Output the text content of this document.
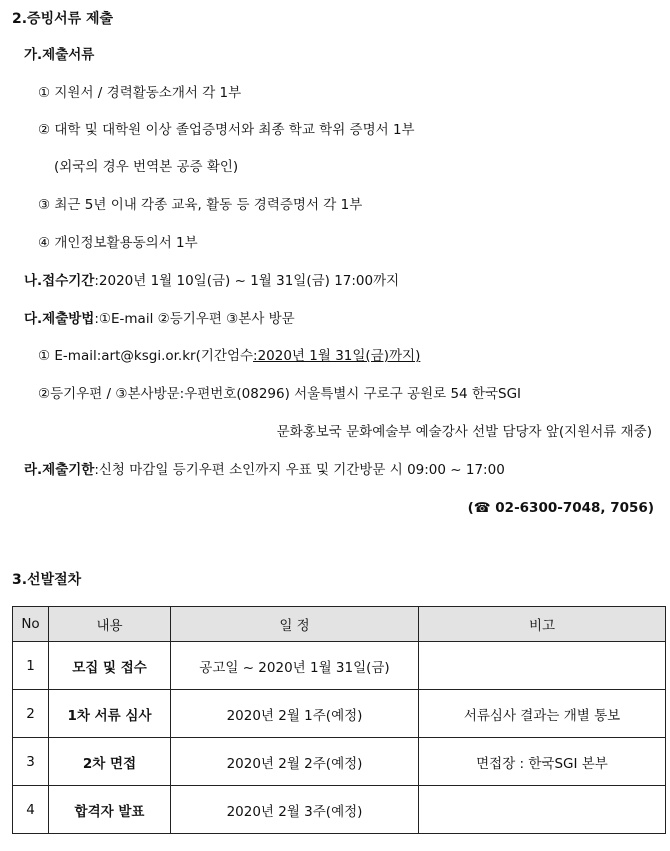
2.증빙서류 제출
가.제출서류
① 지원서 / 경력활동소개서 각 1부
② 대학 및 대학원 이상 졸업증명서와 최종 학교 학위 증명서 1부
(외국의 경우 번역본 공증 확인)
③ 최근 5년 이내 각종 교육, 활동 등 경력증명서 각 1부
④ 개인정보활용동의서 1부
나.접수기간:2020년 1월 10일(금) ~ 1월 31일(금) 17:00까지
다.제출방법:①E-mail ②등기우편 ③본사 방문
① E-mail:art@ksgi.or.kr(기간엄수:2020년 1월 31일(금)까지)
②등기우편 / ③본사방문:우편번호(08296) 서울특별시 구로구 공원로 54 한국SGI
문화홍보국 문화예술부 예술강사 선발 담당자 앞(지원서류 재중)
라.제출기한:신청 마감일 등기우편 소인까지 우표 및 기간방문 시 09:00 ~ 17:00
(☎ 02-6300-7048, 7056)
3.선발절차
No	내용	일 정	비고
1	모집 및 접수	공고일 ~ 2020년 1월 31일(금)	
2	1차 서류 심사	2020년 2월 1주(예정)	서류심사 결과는 개별 통보
3	2차 면접	2020년 2월 2주(예정)	면접장 : 한국SGI 본부
4	합격자 발표	2020년 2월 3주(예정)	
